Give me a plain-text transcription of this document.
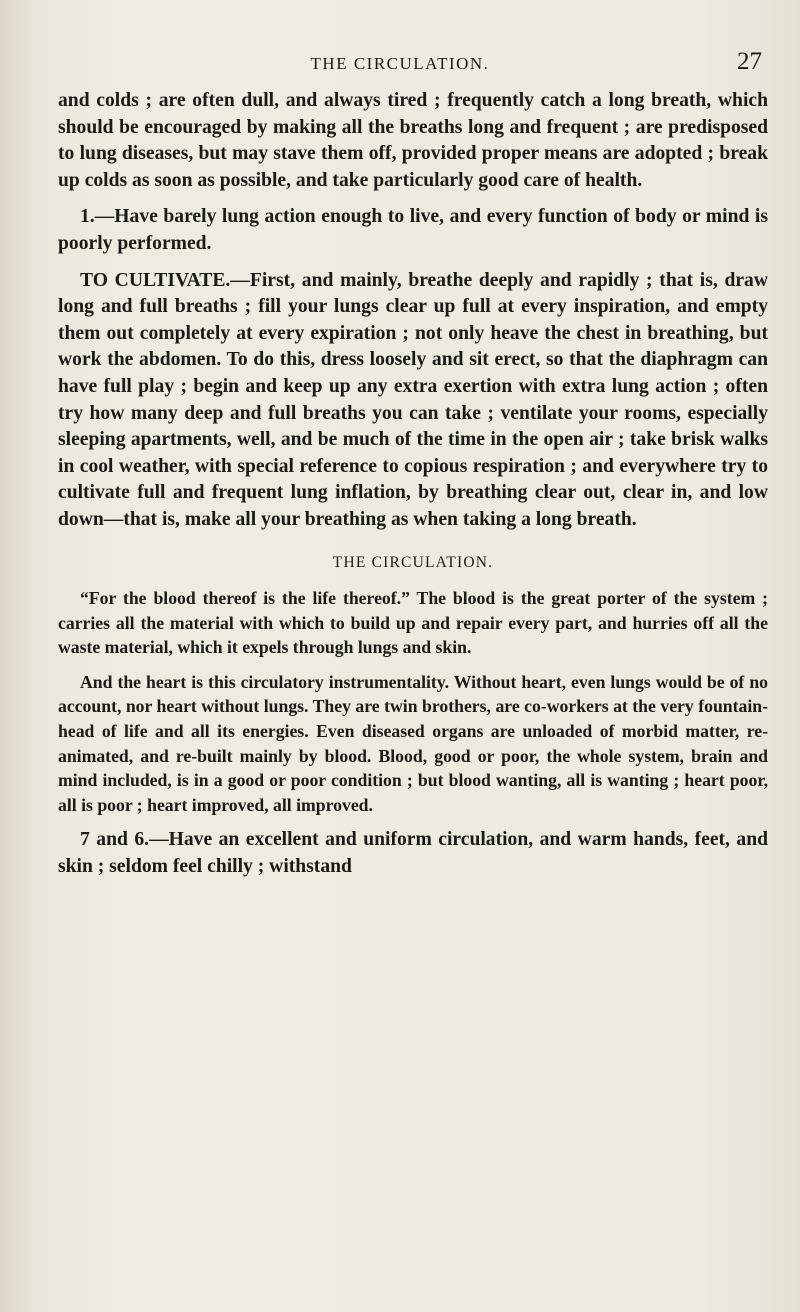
THE CIRCULATION.	27

and colds ; are often dull, and always tired ; frequently catch a long breath, which should be encouraged by making all the breaths long and frequent ; are predisposed to lung diseases, but may stave them off, provided proper means are adopted ; break up colds as soon as possible, and take particularly good care of health.

1.—Have barely lung action enough to live, and every function of body or mind is poorly performed.

TO CULTIVATE.—First, and mainly, breathe deeply and rapidly ; that is, draw long and full breaths ; fill your lungs clear up full at every inspiration, and empty them out completely at every expiration ; not only heave the chest in breathing, but work the abdomen. To do this, dress loosely and sit erect, so that the diaphragm can have full play ; begin and keep up any extra exertion with extra lung action ; often try how many deep and full breaths you can take ; ventilate your rooms, especially sleeping apartments, well, and be much of the time in the open air ; take brisk walks in cool weather, with special reference to copious respiration ; and everywhere try to cultivate full and frequent lung inflation, by breathing clear out, clear in, and low down—that is, make all your breathing as when taking a long breath.

THE CIRCULATION.

“For the blood thereof is the life thereof.” The blood is the great porter of the system ; carries all the material with which to build up and repair every part, and hurries off all the waste material, which it expels through lungs and skin.

And the heart is this circulatory instrumentality. Without heart, even lungs would be of no account, nor heart without lungs. They are twin brothers, are co-workers at the very fountain-head of life and all its energies. Even diseased organs are unloaded of morbid matter, re-animated, and re-built mainly by blood. Blood, good or poor, the whole system, brain and mind included, is in a good or poor condition ; but blood wanting, all is wanting ; heart poor, all is poor ; heart improved, all improved.

7 and 6.—Have an excellent and uniform circulation, and warm hands, feet, and skin ; seldom feel chilly ; withstand
